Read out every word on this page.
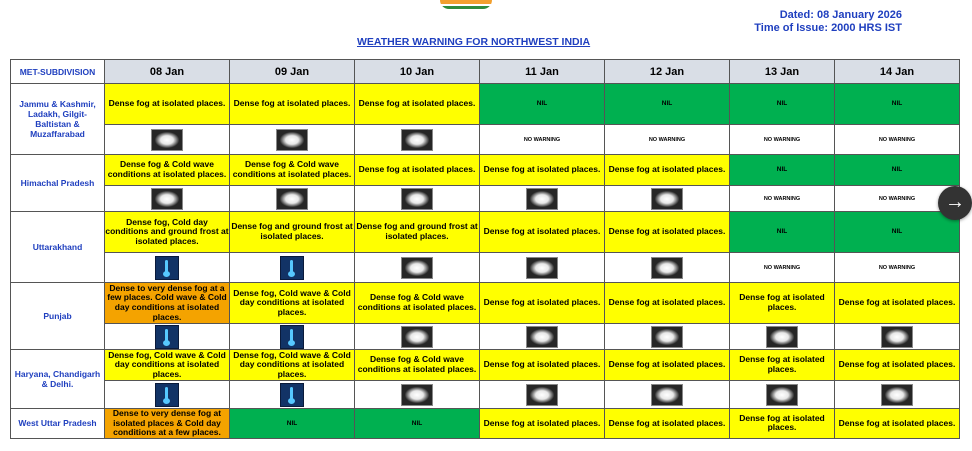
Dated: 08 January 2026
Time of Issue: 2000 HRS IST
WEATHER WARNING FOR NORTHWEST INDIA
MET-SUBDIVISION	08 Jan	09 Jan	10 Jan	11 Jan	12 Jan	13 Jan	14 Jan
Jammu & Kashmir, Ladakh, Gilgit-Baltistan & Muzaffarabad	Dense fog at isolated places.	Dense fog at isolated places.	Dense fog at isolated places.	NIL	NIL	NIL	NIL
				NO WARNING	NO WARNING	NO WARNING	NO WARNING
Himachal Pradesh	Dense fog & Cold wave conditions at isolated places.	Dense fog & Cold wave conditions at isolated places.	Dense fog at isolated places.	Dense fog at isolated places.	Dense fog at isolated places.	NIL	NIL
						NO WARNING	NO WARNING
Uttarakhand	Dense fog, Cold day conditions and ground frost at isolated places.	Dense fog and ground frost at isolated places.	Dense fog and ground frost at isolated places.	Dense fog at isolated places.	Dense fog at isolated places.	NIL	NIL
						NO WARNING	NO WARNING
Punjab	Dense to very dense fog at a few places. Cold wave & Cold day conditions at isolated places.	Dense fog, Cold wave & Cold day conditions at isolated places.	Dense fog & Cold wave conditions at isolated places.	Dense fog at isolated places.	Dense fog at isolated places.	Dense fog at isolated places.	Dense fog at isolated places.

Haryana, Chandigarh & Delhi.	Dense fog, Cold wave & Cold day conditions at isolated places.	Dense fog, Cold wave & Cold day conditions at isolated places.	Dense fog & Cold wave conditions at isolated places.	Dense fog at isolated places.	Dense fog at isolated places.	Dense fog at isolated places.	Dense fog at isolated places.

West Uttar Pradesh	Dense to very dense fog at isolated places & Cold day conditions at a few places.	NIL	NIL	Dense fog at isolated places.	Dense fog at isolated places.	Dense fog at isolated places.	Dense fog at isolated places.
→
